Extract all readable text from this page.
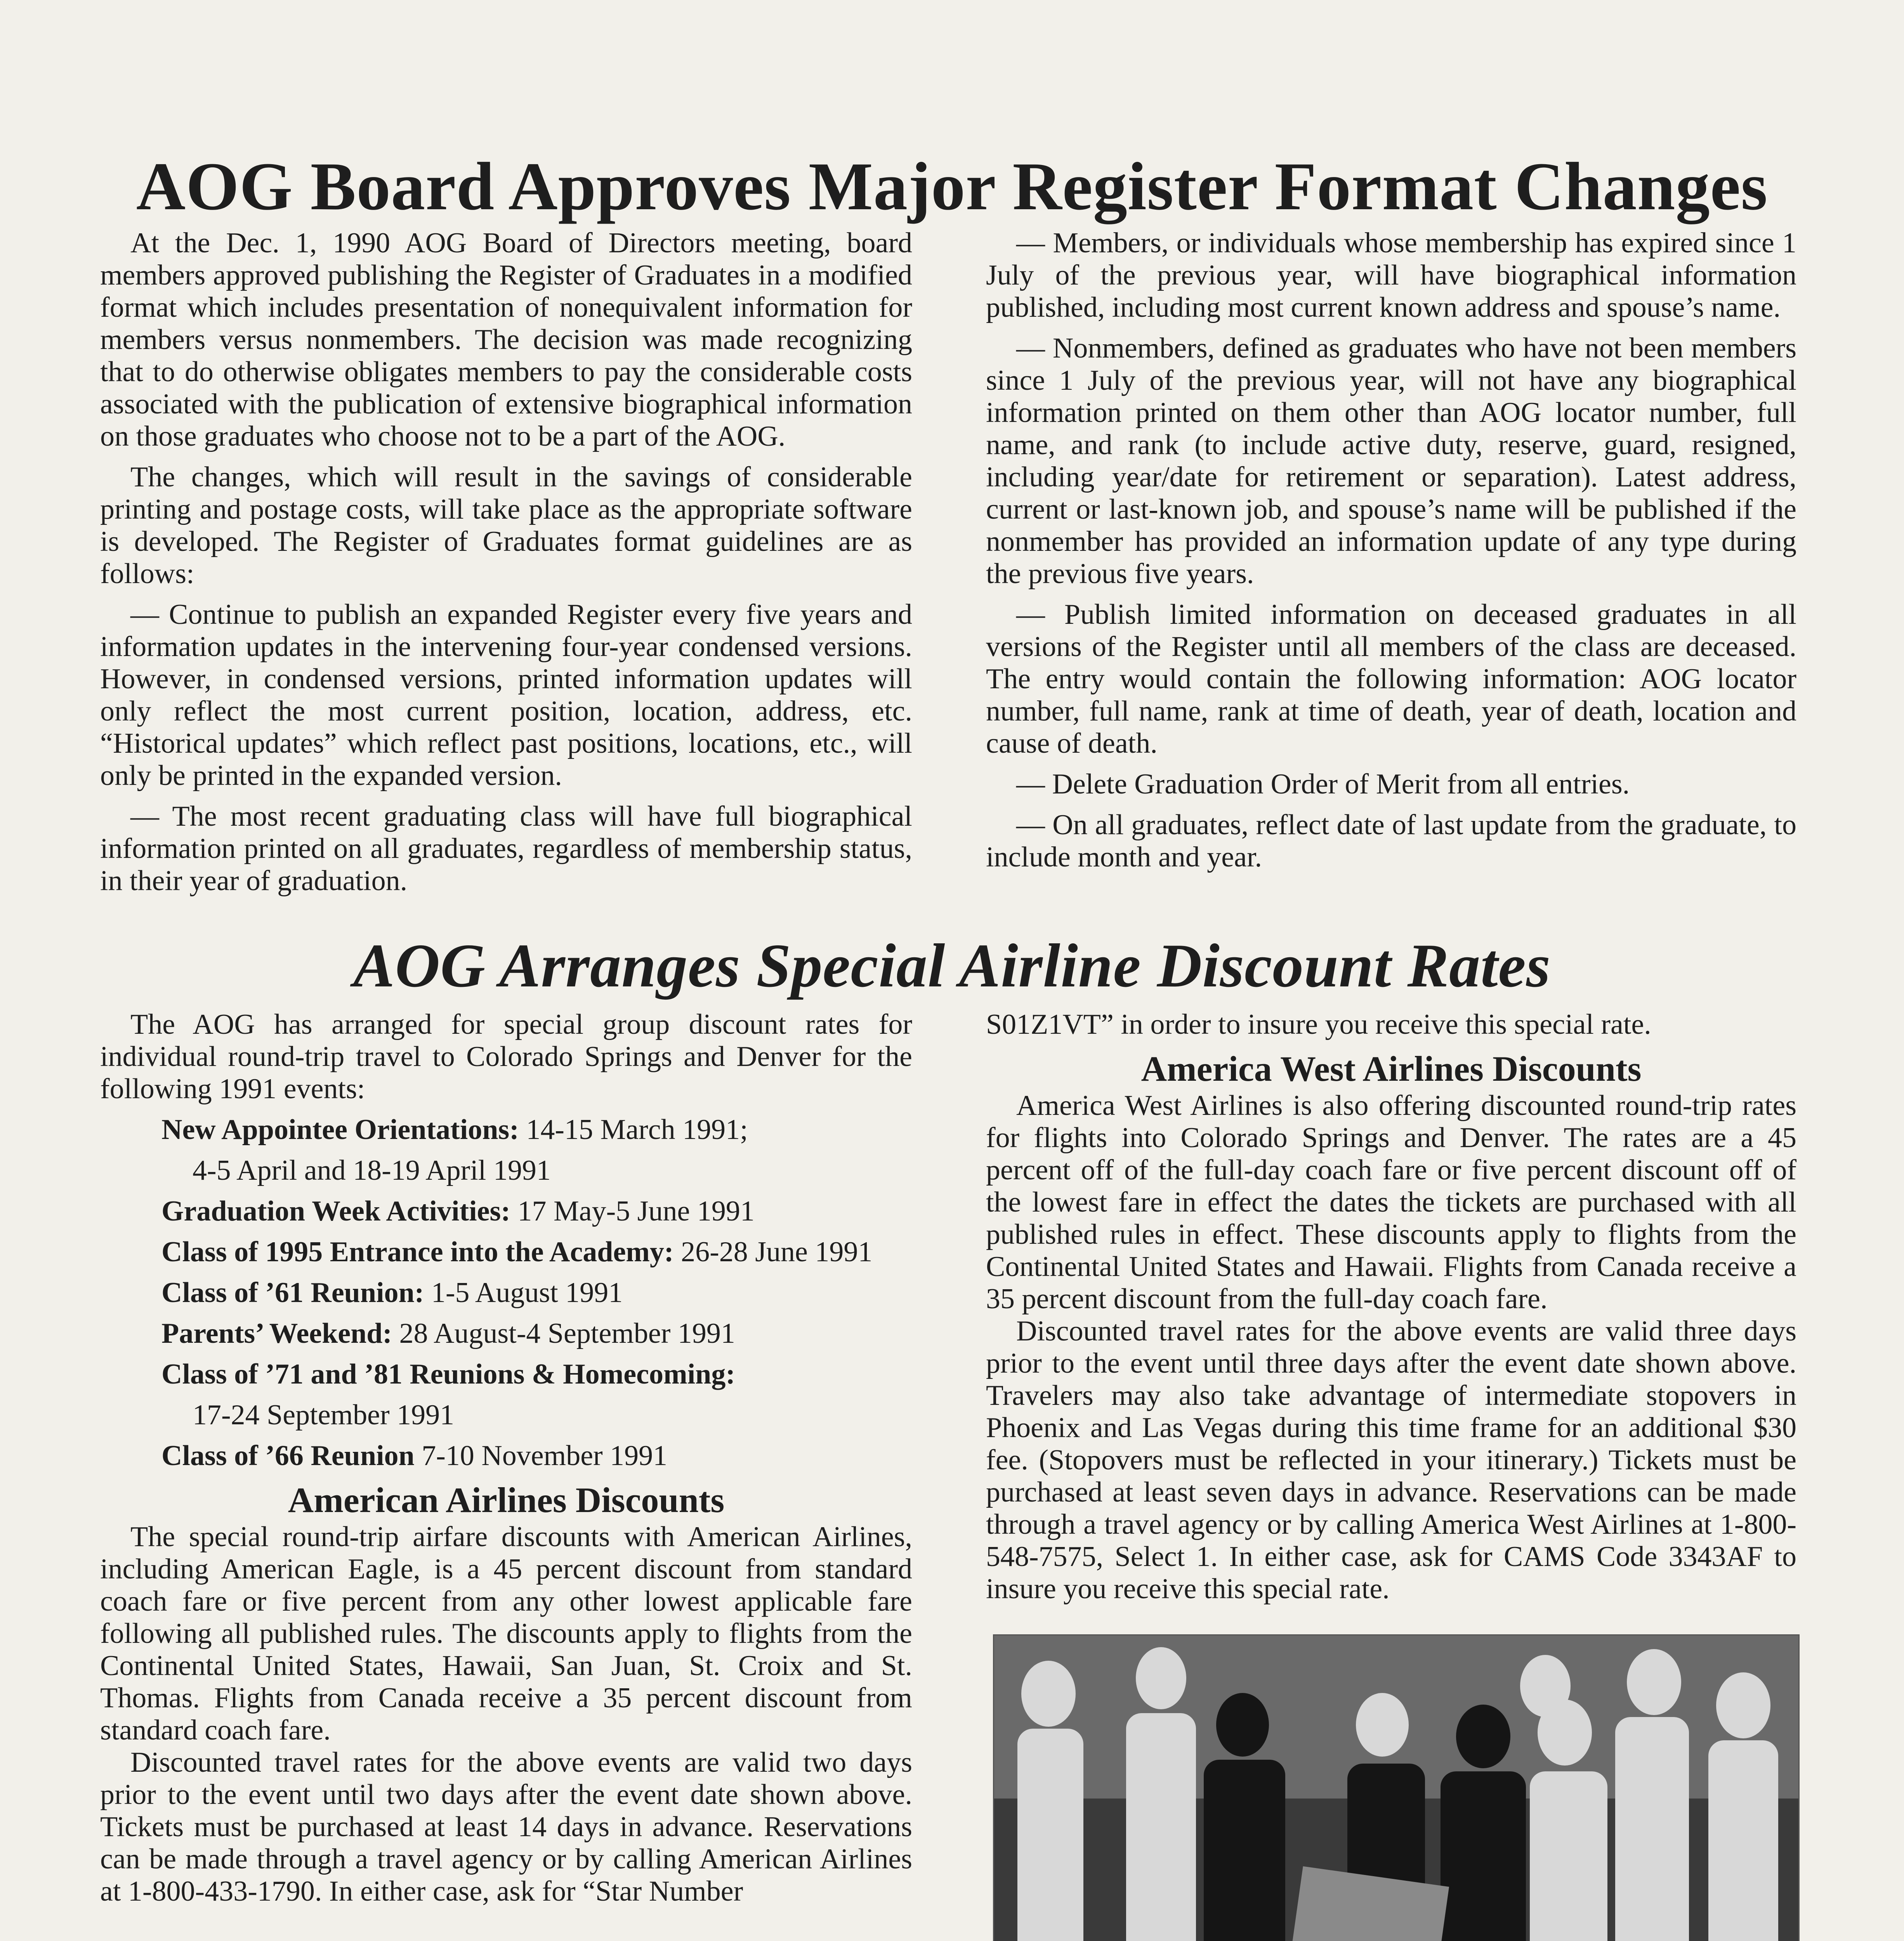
AOG Board Approves Major Register Format Changes

At the Dec. 1, 1990 AOG Board of Directors meeting, board members approved publishing the Register of Graduates in a modified format which includes presentation of nonequivalent information for members versus nonmembers. The decision was made recognizing that to do otherwise obligates members to pay the considerable costs associated with the publication of extensive biographical information on those graduates who choose not to be a part of the AOG.

The changes, which will result in the savings of considerable printing and postage costs, will take place as the appropriate software is developed. The Register of Graduates format guidelines are as follows:

— Continue to publish an expanded Register every five years and information updates in the intervening four-year condensed versions. However, in condensed versions, printed information updates will only reflect the most current position, location, address, etc. “Historical updates” which reflect past positions, locations, etc., will only be printed in the expanded version.

— The most recent graduating class will have full biographical information printed on all graduates, regardless of membership status, in their year of graduation.

— Members, or individuals whose membership has expired since 1 July of the previous year, will have biographical information published, including most current known address and spouse’s name.

— Nonmembers, defined as graduates who have not been members since 1 July of the previous year, will not have any biographical information printed on them other than AOG locator number, full name, and rank (to include active duty, reserve, guard, resigned, including year/date for retirement or separation). Latest address, current or last-known job, and spouse’s name will be published if the nonmember has provided an information update of any type during the previous five years.

— Publish limited information on deceased graduates in all versions of the Register until all members of the class are deceased. The entry would contain the following information: AOG locator number, full name, rank at time of death, year of death, location and cause of death.

— Delete Graduation Order of Merit from all entries.

— On all graduates, reflect date of last update from the graduate, to include month and year.

AOG Arranges Special Airline Discount Rates

The AOG has arranged for special group discount rates for individual round-trip travel to Colorado Springs and Denver for the following 1991 events:

New Appointee Orientations: 14-15 March 1991;

4-5 April and 18-19 April 1991

Graduation Week Activities: 17 May-5 June 1991

Class of 1995 Entrance into the Academy: 26-28 June 1991

Class of ’61 Reunion: 1-5 August 1991

Parents’ Weekend: 28 August-4 September 1991

Class of ’71 and ’81 Reunions & Homecoming:

17-24 September 1991

Class of ’66 Reunion 7-10 November 1991

American Airlines Discounts

The special round-trip airfare discounts with American Airlines, including American Eagle, is a 45 percent discount from standard coach fare or five percent from any other lowest applicable fare following all published rules. The discounts apply to flights from the Continental United States, Hawaii, San Juan, St. Croix and St. Thomas. Flights from Canada receive a 35 percent discount from standard coach fare.

Discounted travel rates for the above events are valid two days prior to the event until two days after the event date shown above. Tickets must be purchased at least 14 days in advance. Reservations can be made through a travel agency or by calling American Airlines at 1-800-433-1790. In either case, ask for “Star Number

S01Z1VT” in order to insure you receive this special rate.

America West Airlines Discounts

America West Airlines is also offering discounted round-trip rates for flights into Colorado Springs and Denver. The rates are a 45 percent off of the full-day coach fare or five percent discount off of the lowest fare in effect the dates the tickets are purchased with all published rules in effect. These discounts apply to flights from the Continental United States and Hawaii. Flights from Canada receive a 35 percent discount from the full-day coach fare.

Discounted travel rates for the above events are valid three days prior to the event until three days after the event date shown above. Travelers may also take advantage of intermediate stopovers in Phoenix and Las Vegas during this time frame for an additional $30 fee. (Stopovers must be reflected in your itinerary.) Tickets must be purchased at least seven days in advance. Reservations can be made through a travel agency or by calling America West Airlines at 1-800-548-7575, Select 1. In either case, ask for CAMS Code 3343AF to insure you receive this special rate.
